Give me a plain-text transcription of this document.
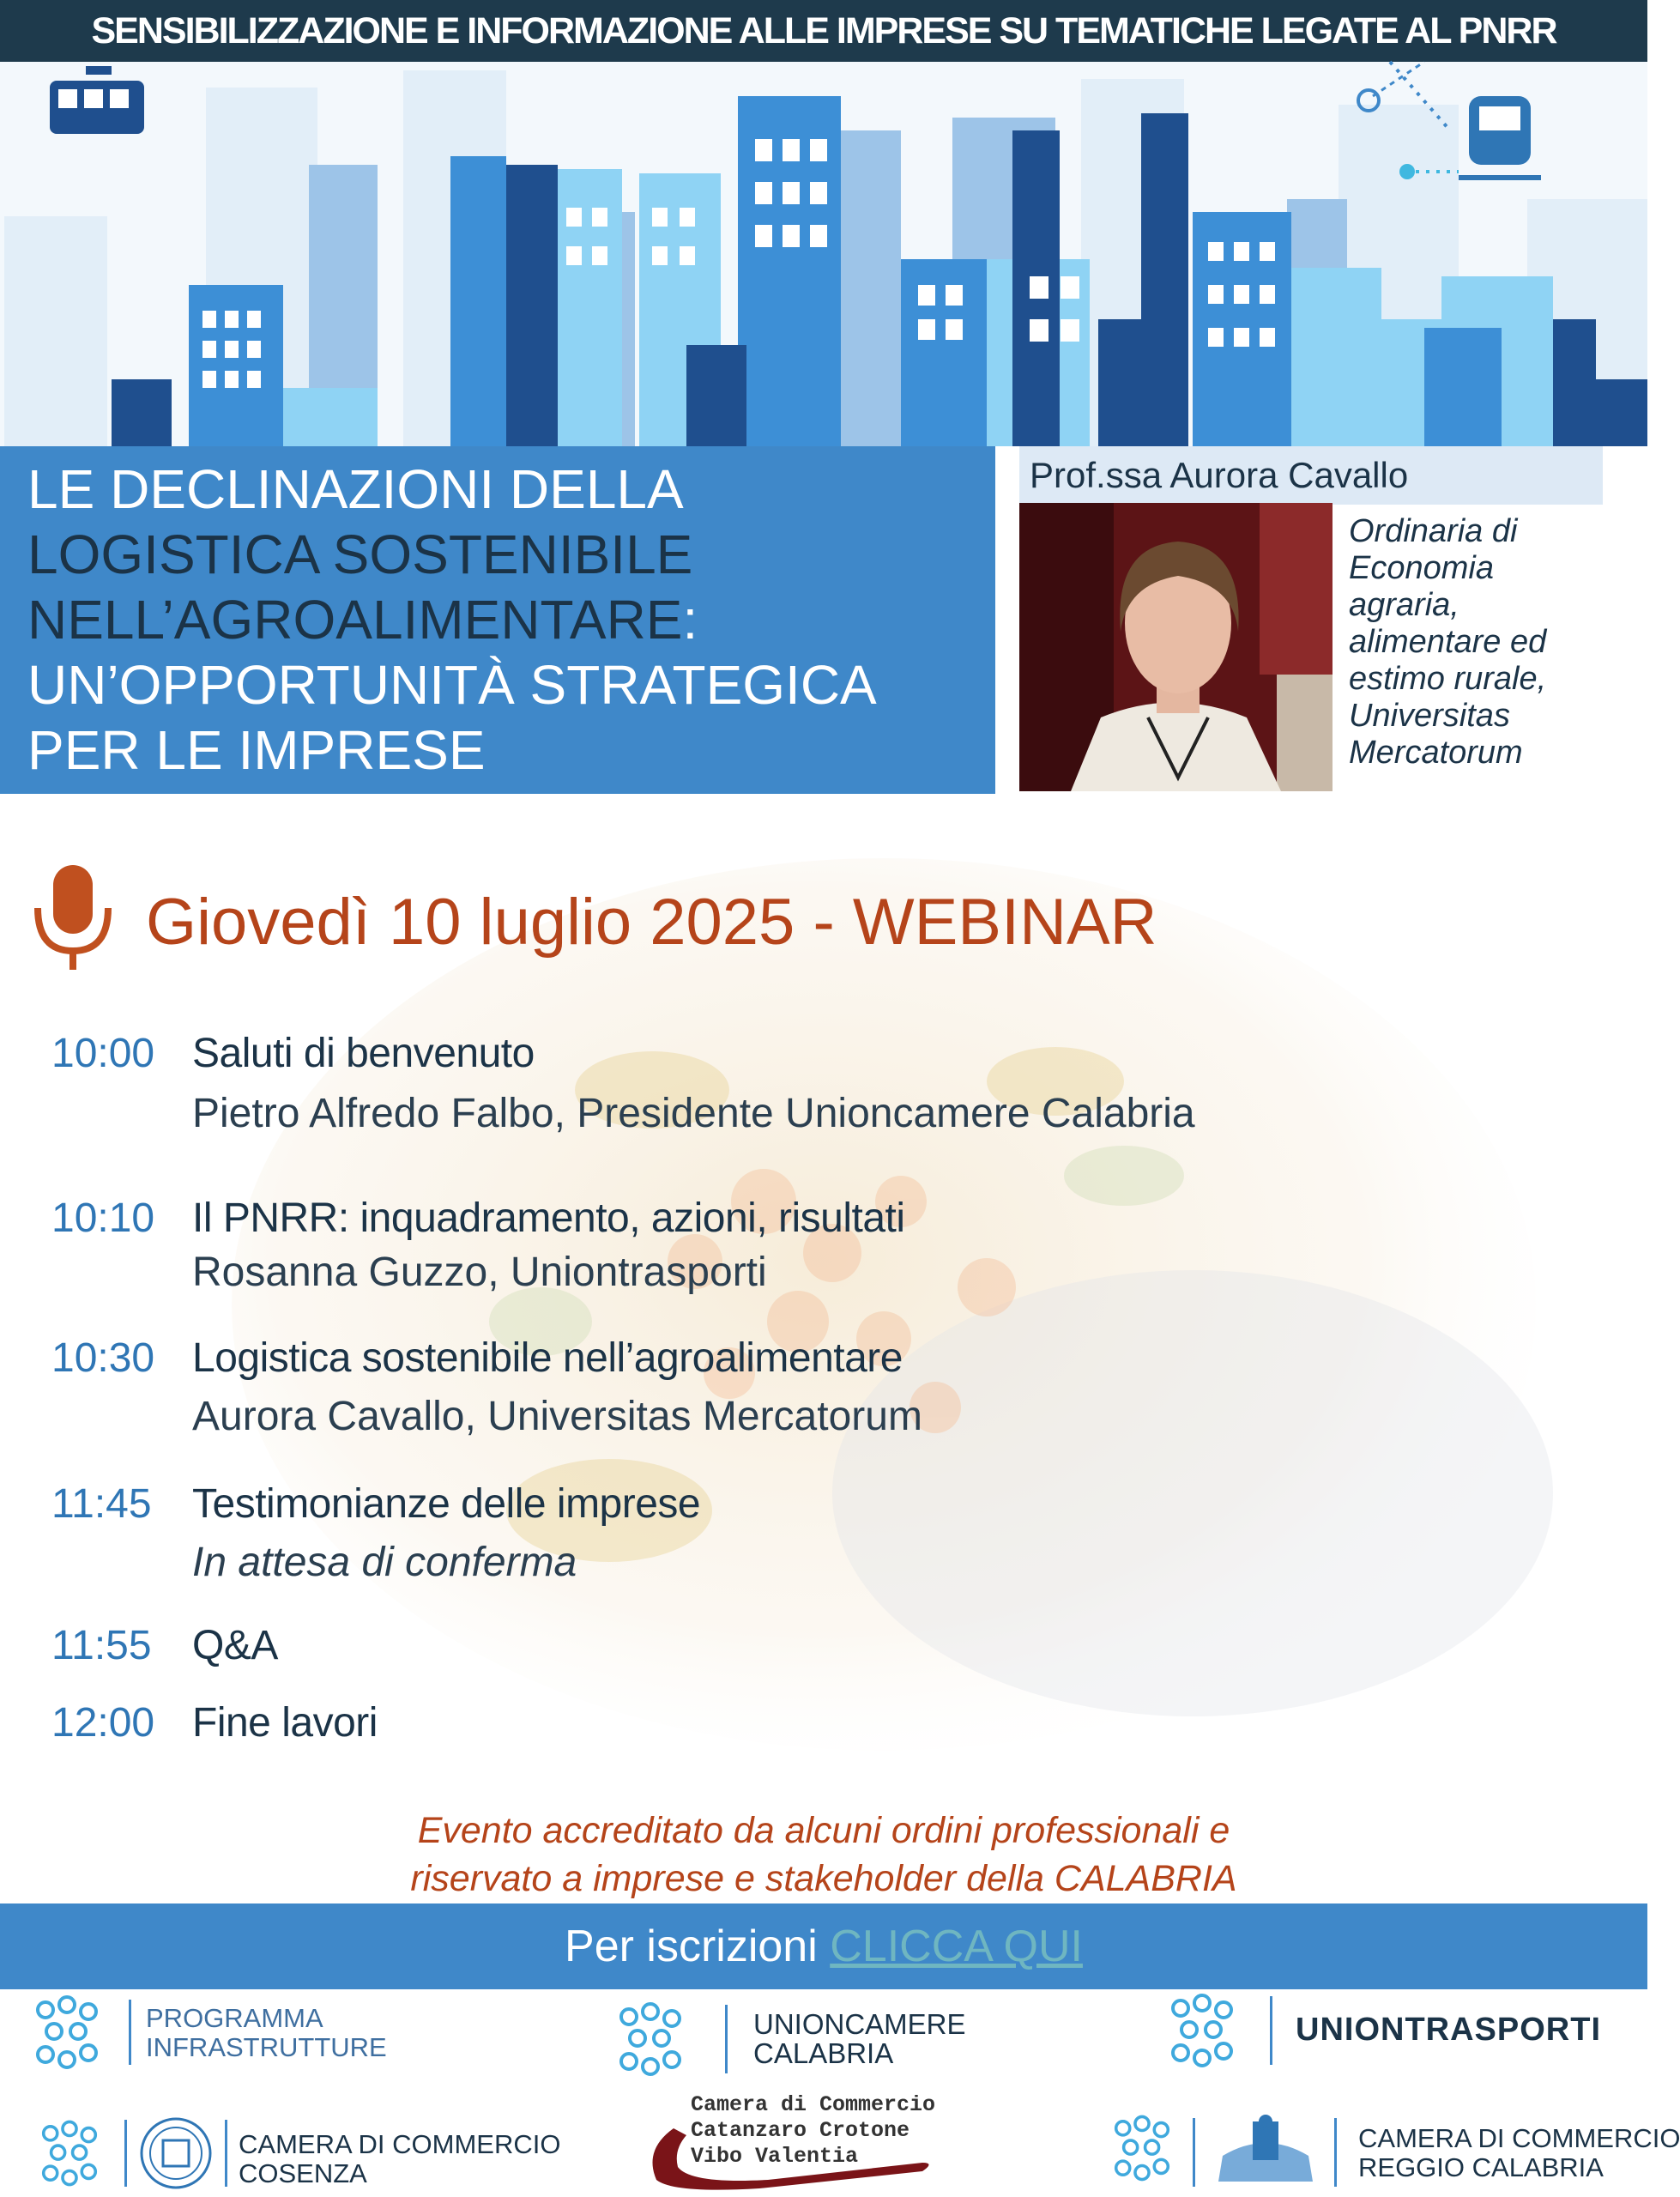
SENSIBILIZZAZIONE E INFORMAZIONE ALLE IMPRESE SU TEMATICHE LEGATE AL PNRR
LE DECLINAZIONI DELLA
LOGISTICA SOSTENIBILE
NELL’AGROALIMENTARE:
UN’OPPORTUNITÀ STRATEGICA
PER LE IMPRESE
Prof.ssa Aurora Cavallo
Ordinaria di
Economia
agraria,
alimentare ed
estimo rurale,
Universitas
Mercatorum
Giovedì 10 luglio 2025 - WEBINAR
10:00 Saluti di benvenuto
Pietro Alfredo Falbo, Presidente Unioncamere Calabria
10:10 Il PNRR: inquadramento, azioni, risultati
Rosanna Guzzo, Uniontrasporti
10:30 Logistica sostenibile nell’agroalimentare
Aurora Cavallo, Universitas Mercatorum
11:45 Testimonianze delle imprese
In attesa di conferma
11:55 Q&A
12:00 Fine lavori
Evento accreditato da alcuni ordini professionali e
riservato a imprese e stakeholder della CALABRIA
Per iscrizioni CLICCA QUI
PROGRAMMA
INFRASTRUTTURE
UNIONCAMERE
CALABRIA
UNIONTRASPORTI
CAMERA DI COMMERCIO
COSENZA
Camera di Commercio
Catanzaro Crotone
Vibo Valentia
CAMERA DI COMMERCIO
REGGIO CALABRIA
